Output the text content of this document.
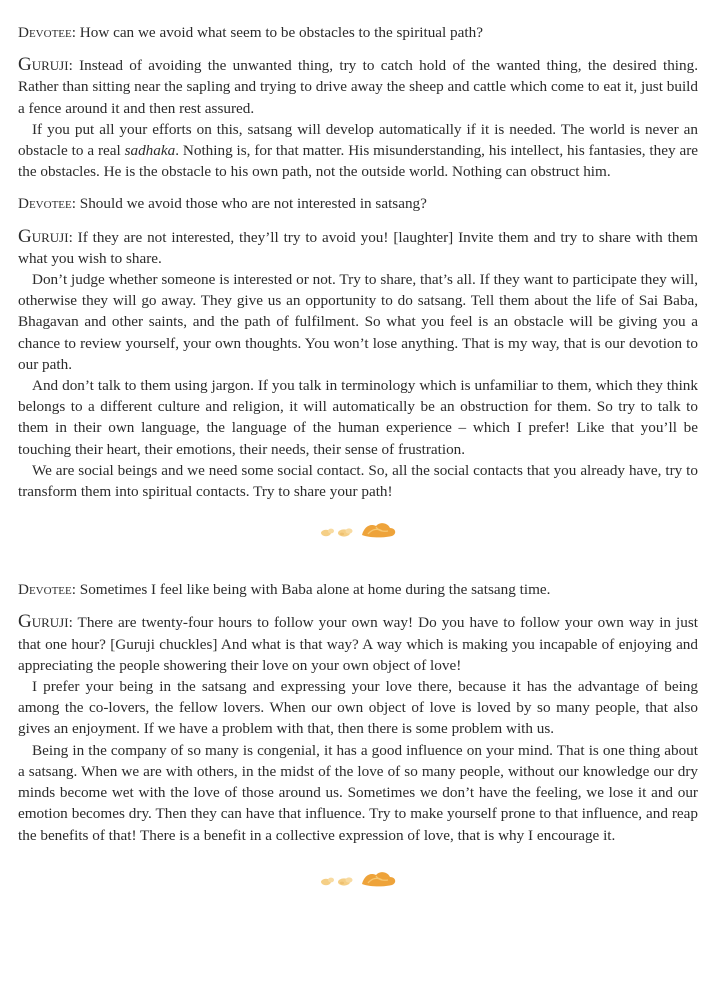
Devotee: How can we avoid what seem to be obstacles to the spiritual path?

Guruji: Instead of avoiding the unwanted thing, try to catch hold of the wanted thing, the desired thing. Rather than sitting near the sapling and trying to drive away the sheep and cattle which come to eat it, just build a fence around it and then rest assured.

If you put all your efforts on this, satsang will develop automatically if it is needed. The world is never an obstacle to a real sadhaka. Nothing is, for that matter. His misunderstanding, his intellect, his fantasies, they are the obstacles. He is the obstacle to his own path, not the outside world. Nothing can obstruct him.

Devotee: Should we avoid those who are not interested in satsang?

Guruji: If they are not interested, they’ll try to avoid you! [laughter] Invite them and try to share with them what you wish to share.

Don’t judge whether someone is interested or not. Try to share, that’s all. If they want to participate they will, otherwise they will go away. They give us an opportunity to do satsang. Tell them about the life of Sai Baba, Bhagavan and other saints, and the path of fulfilment. So what you feel is an obstacle will be giving you a chance to review yourself, your own thoughts. You won’t lose anything. That is my way, that is our devotion to our path.

And don’t talk to them using jargon. If you talk in terminology which is unfamiliar to them, which they think belongs to a different culture and religion, it will automatically be an obstruction for them. So try to talk to them in their own language, the language of the human experience – which I prefer! Like that you’ll be touching their heart, their emotions, their needs, their sense of frustration.

We are social beings and we need some social contact. So, all the social contacts that you already have, try to transform them into spiritual contacts. Try to share your path!

Devotee: Sometimes I feel like being with Baba alone at home during the satsang time.

Guruji: There are twenty-four hours to follow your own way! Do you have to follow your own way in just that one hour? [Guruji chuckles] And what is that way? A way which is making you incapable of enjoying and appreciating the people showering their love on your own object of love!

I prefer your being in the satsang and expressing your love there, because it has the advantage of being among the co-lovers, the fellow lovers. When our own object of love is loved by so many people, that also gives an enjoyment. If we have a problem with that, then there is some problem with us.

Being in the company of so many is congenial, it has a good influence on your mind. That is one thing about a satsang. When we are with others, in the midst of the love of so many people, without our knowledge our dry minds become wet with the love of those around us. Sometimes we don’t have the feeling, we lose it and our emotion becomes dry. Then they can have that influence. Try to make yourself prone to that influence, and reap the benefits of that! There is a benefit in a collective expression of love, that is why I encourage it.
